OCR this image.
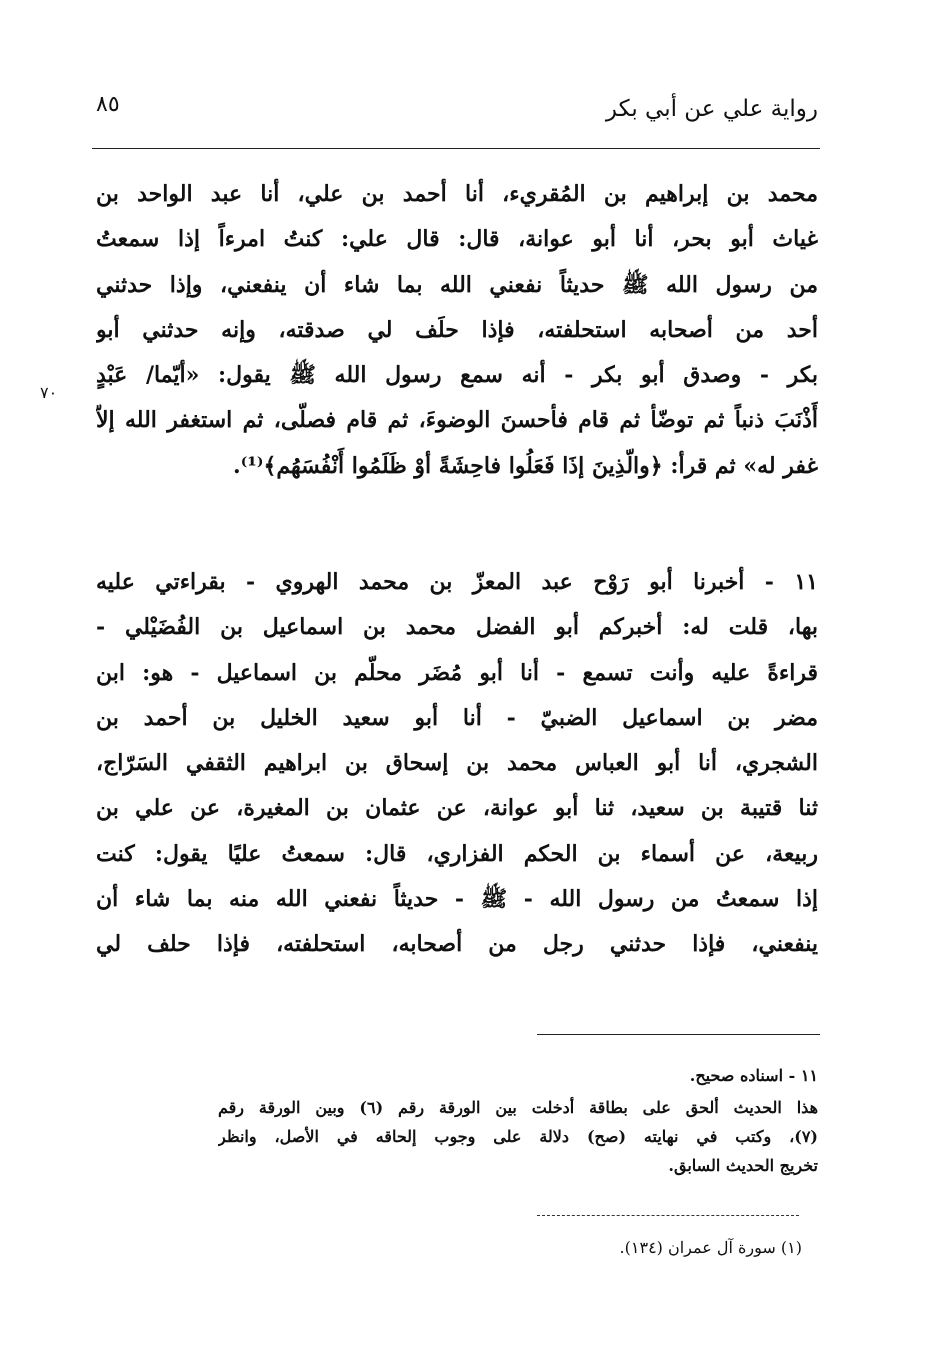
رواية علي عن أبي بكر
٨٥
٧٠
محمد بن إبراهيم بن المُقريء، أنا أحمد بن علي، أنا عبد الواحد بن
غياث أبو بحر، أنا أبو عوانة، قال: قال علي: كنتُ امرءاً إذا سمعتُ
من رسول الله ﷺ حديثاً نفعني الله بما شاء أن ينفعني، وإذا حدثني
أحد من أصحابه استحلفته، فإذا حلَف لي صدقته، وإنه حدثني أبو
بكر - وصدق أبو بكر - أنه سمع رسول الله ﷺ يقول: «أيّما/ عَبْدٍ
أَذْنَبَ ذنباً ثم توضّأ ثم قام فأحسنَ الوضوءَ، ثم قام فصلّى، ثم استغفر الله إلاّ
غفر له» ثم قرأ: ﴿والّذِينَ إذَا فَعَلُوا فاحِشَةً أوْ ظَلَمُوا أَنْفُسَهُم﴾⁽¹⁾.
١١ - أخبرنا أبو رَوْح عبد المعزّ بن محمد الهروي - بقراءتي عليه
بها، قلت له: أخبركم أبو الفضل محمد بن اسماعيل بن الفُضَيْلي -
قراءةً عليه وأنت تسمع - أنا أبو مُضَر محلّم بن اسماعيل - هو: ابن
مضر بن اسماعيل الضبيّ - أنا أبو سعيد الخليل بن أحمد بن
الشجري، أنا أبو العباس محمد بن إسحاق بن ابراهيم الثقفي السَرّاج،
ثنا قتيبة بن سعيد، ثنا أبو عوانة، عن عثمان بن المغيرة، عن علي بن
ربيعة، عن أسماء بن الحكم الفزاري، قال: سمعتُ عليًا يقول: كنت
إذا سمعتُ من رسول الله - ﷺ - حديثاً نفعني الله منه بما شاء أن
ينفعني، فإذا حدثني رجل من أصحابه، استحلفته، فإذا حلف لي
١١ - اسناده صحيح.
هذا الحديث ألحق على بطاقة أدخلت بين الورقة رقم (٦) وبين الورقة رقم
(٧)، وكتب في نهايته (صح) دلالة على وجوب إلحاقه في الأصل، وانظر
تخريج الحديث السابق.
(١) سورة آل عمران (١٣٤).
